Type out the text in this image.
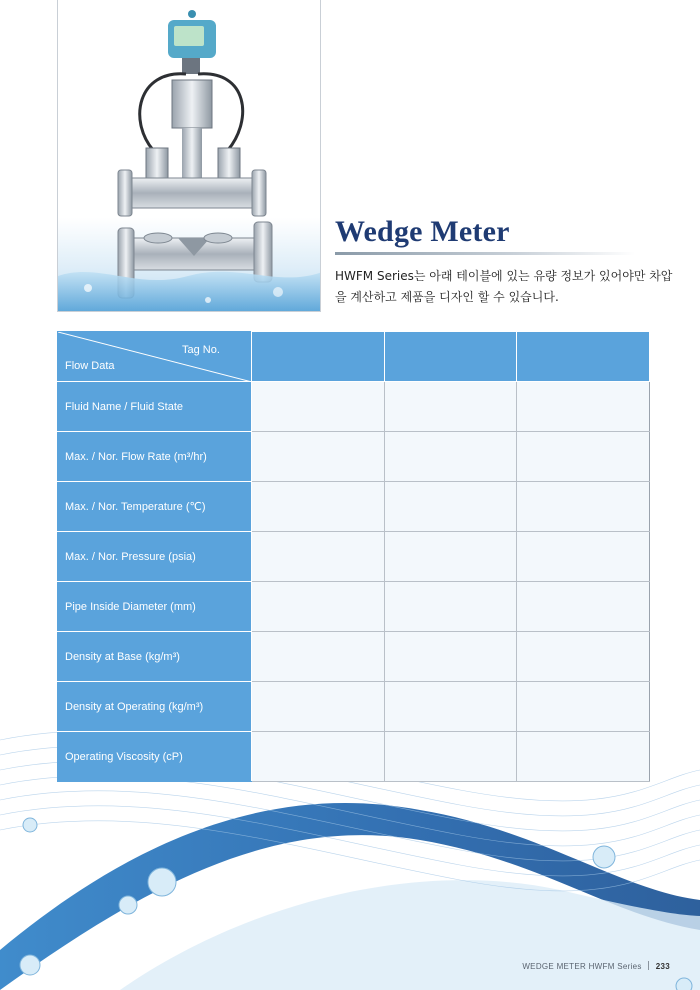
Wedge Meter

HWFM Series는 아래 테이블에 있는 유량 정보가 있어야만 차압을 계산하고 제품을 디자인 할 수 있습니다.

Tag No.
Flow Data			

Fluid Name / Fluid State			
Max. / Nor. Flow Rate (m³/hr)			
Max. / Nor. Temperature (℃)			
Max. / Nor. Pressure (psia)			
Pipe Inside Diameter (mm)			
Density at Base (kg/m³)			
Density at Operating (kg/m³)			
Operating Viscosity (cP)			
WEDGE METER HWFM Series 233
